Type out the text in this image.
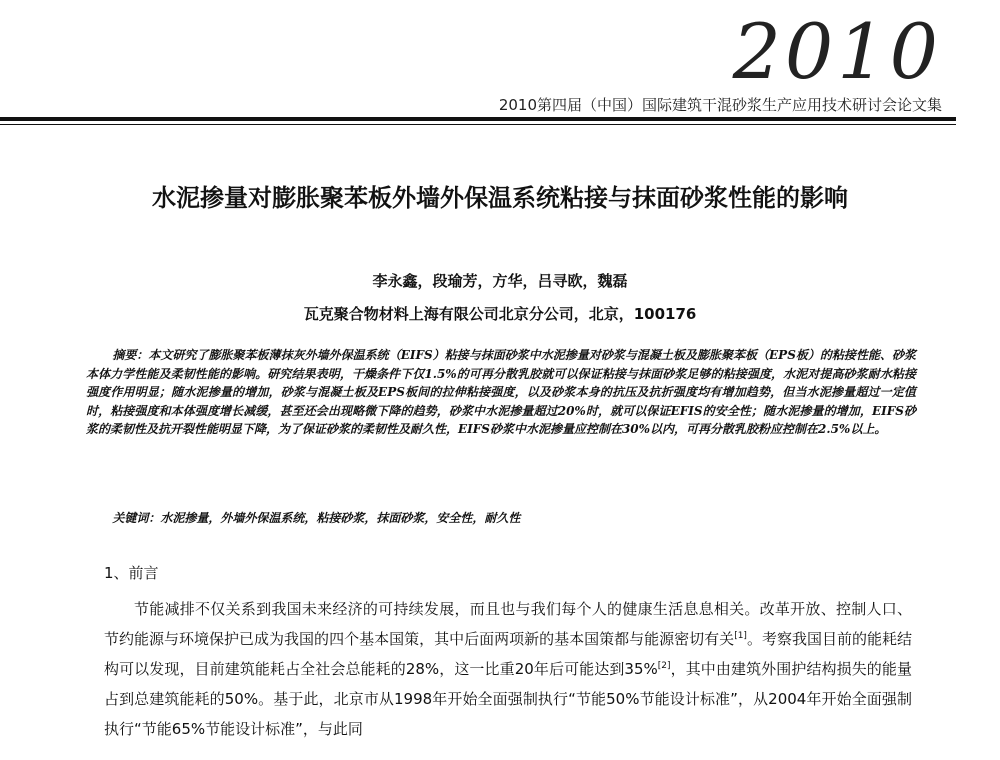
2010
2010第四届（中国）国际建筑干混砂浆生产应用技术研讨会论文集
水泥掺量对膨胀聚苯板外墙外保温系统粘接与抹面砂浆性能的影响
李永鑫，段瑜芳，方华，吕寻欧，魏磊
瓦克聚合物材料上海有限公司北京分公司，北京，100176
摘要：本文研究了膨胀聚苯板薄抹灰外墙外保温系统（EIFS）粘接与抹面砂浆中水泥掺量对砂浆与混凝土板及膨胀聚苯板（EPS板）的粘接性能、砂浆本体力学性能及柔韧性能的影响。研究结果表明，干燥条件下仅1.5%的可再分散乳胶就可以保证粘接与抹面砂浆足够的粘接强度，水泥对提高砂浆耐水粘接强度作用明显；随水泥掺量的增加，砂浆与混凝土板及EPS板间的拉伸粘接强度，以及砂浆本身的抗压及抗折强度均有增加趋势，但当水泥掺量超过一定值时，粘接强度和本体强度增长减缓，甚至还会出现略微下降的趋势，砂浆中水泥掺量超过20%时，就可以保证EFIS的安全性；随水泥掺量的增加，EIFS砂浆的柔韧性及抗开裂性能明显下降，为了保证砂浆的柔韧性及耐久性，EIFS砂浆中水泥掺量应控制在30%以内，可再分散乳胶粉应控制在2.5%以上。
关键词：水泥掺量，外墙外保温系统，粘接砂浆，抹面砂浆，安全性，耐久性
1、前言
节能减排不仅关系到我国未来经济的可持续发展，而且也与我们每个人的健康生活息息相关。改革开放、控制人口、节约能源与环境保护已成为我国的四个基本国策，其中后面两项新的基本国策都与能源密切有关[1]。考察我国目前的能耗结构可以发现，目前建筑能耗占全社会总能耗的28%，这一比重20年后可能达到35%[2]，其中由建筑外围护结构损失的能量占到总建筑能耗的50%。基于此，北京市从1998年开始全面强制执行“节能50%节能设计标准”，从2004年开始全面强制执行“节能65%节能设计标准”，与此同
